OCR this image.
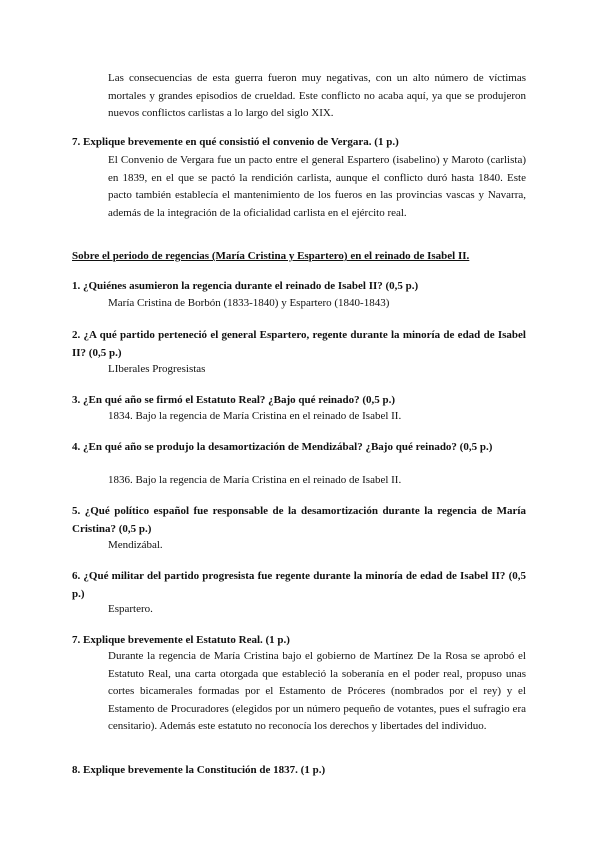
Las consecuencias de esta guerra fueron muy negativas, con un alto número de víctimas mortales y grandes episodios de crueldad. Este conflicto no acaba aquí, ya que se produjeron nuevos conflictos carlistas a lo largo del siglo XIX.

7. Explique brevemente en qué consistió el convenio de Vergara. (1 p.)

El Convenio de Vergara fue un pacto entre el general Espartero (isabelino) y Maroto (carlista) en 1839, en el que se pactó la rendición carlista, aunque el conflicto duró hasta 1840. Este pacto también establecía el mantenimiento de los fueros en las provincias vascas y Navarra, además de la integración de la oficialidad carlista en el ejército real.

Sobre el periodo de regencias (María Cristina y Espartero) en el reinado de Isabel II.

1. ¿Quiénes asumieron la regencia durante el reinado de Isabel II? (0,5 p.)

María Cristina de Borbón (1833-1840) y Espartero (1840-1843)

2. ¿A qué partido perteneció el general Espartero, regente durante la minoría de edad de Isabel II? (0,5 p.)

LIberales Progresistas

3. ¿En qué año se firmó el Estatuto Real? ¿Bajo qué reinado? (0,5 p.)

1834. Bajo la regencia de María Cristina en el reinado de Isabel II.

4. ¿En qué año se produjo la desamortización de Mendizábal? ¿Bajo qué reinado? (0,5 p.)

1836. Bajo la regencia de María Cristina en el reinado de Isabel II.

5. ¿Qué político español fue responsable de la desamortización durante la regencia de María Cristina? (0,5 p.)

Mendizábal.

6. ¿Qué militar del partido progresista fue regente durante la minoría de edad de Isabel II? (0,5 p.)

Espartero.

7. Explique brevemente el Estatuto Real. (1 p.)

Durante la regencia de María Cristina bajo el gobierno de Martínez De la Rosa se aprobó el Estatuto Real, una carta otorgada que estableció la soberanía en el poder real, propuso unas cortes bicamerales formadas por el Estamento de Próceres (nombrados por el rey) y el Estamento de Procuradores (elegidos por un número pequeño de votantes, pues el sufragio era censitario). Además este estatuto no reconocía los derechos y libertades del individuo.

8. Explique brevemente la Constitución de 1837. (1 p.)
